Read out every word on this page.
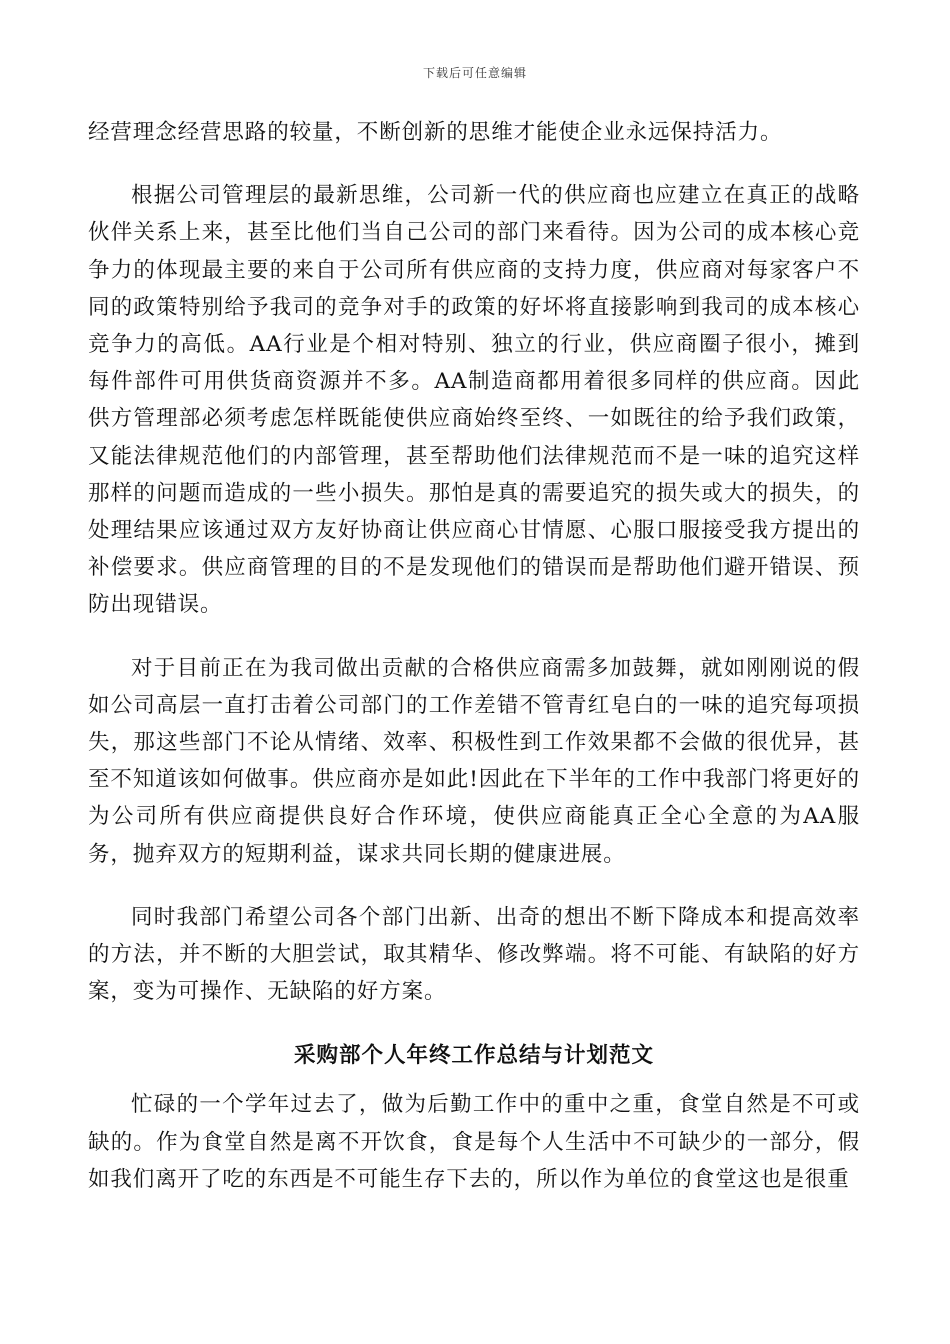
下载后可任意编辑

经营理念经营思路的较量，不断创新的思维才能使企业永远保持活力。

根据公司管理层的最新思维，公司新一代的供应商也应建立在真正的战略伙伴关系上来，甚至比他们当自己公司的部门来看待。因为公司的成本核心竞争力的体现最主要的来自于公司所有供应商的支持力度，供应商对每家客户不同的政策特别给予我司的竞争对手的政策的好坏将直接影响到我司的成本核心竞争力的高低。AA行业是个相对特别、独立的行业，供应商圈子很小，摊到每件部件可用供货商资源并不多。AA制造商都用着很多同样的供应商。因此供方管理部必须考虑怎样既能使供应商始终至终、一如既往的给予我们政策，又能法律规范他们的内部管理，甚至帮助他们法律规范而不是一味的追究这样那样的问题而造成的一些小损失。那怕是真的需要追究的损失或大的损失，的处理结果应该通过双方友好协商让供应商心甘情愿、心服口服接受我方提出的补偿要求。供应商管理的目的不是发现他们的错误而是帮助他们避开错误、预防出现错误。

对于目前正在为我司做出贡献的合格供应商需多加鼓舞，就如刚刚说的假如公司高层一直打击着公司部门的工作差错不管青红皂白的一味的追究每项损失，那这些部门不论从情绪、效率、积极性到工作效果都不会做的很优异，甚至不知道该如何做事。供应商亦是如此!因此在下半年的工作中我部门将更好的为公司所有供应商提供良好合作环境，使供应商能真正全心全意的为AA服务，抛弃双方的短期利益，谋求共同长期的健康进展。

同时我部门希望公司各个部门出新、出奇的想出不断下降成本和提高效率的方法，并不断的大胆尝试，取其精华、修改弊端。将不可能、有缺陷的好方案，变为可操作、无缺陷的好方案。

采购部个人年终工作总结与计划范文

忙碌的一个学年过去了，做为后勤工作中的重中之重，食堂自然是不可或缺的。作为食堂自然是离不开饮食，食是每个人生活中不可缺少的一部分，假如我们离开了吃的东西是不可能生存下去的，所以作为单位的食堂这也是很重
